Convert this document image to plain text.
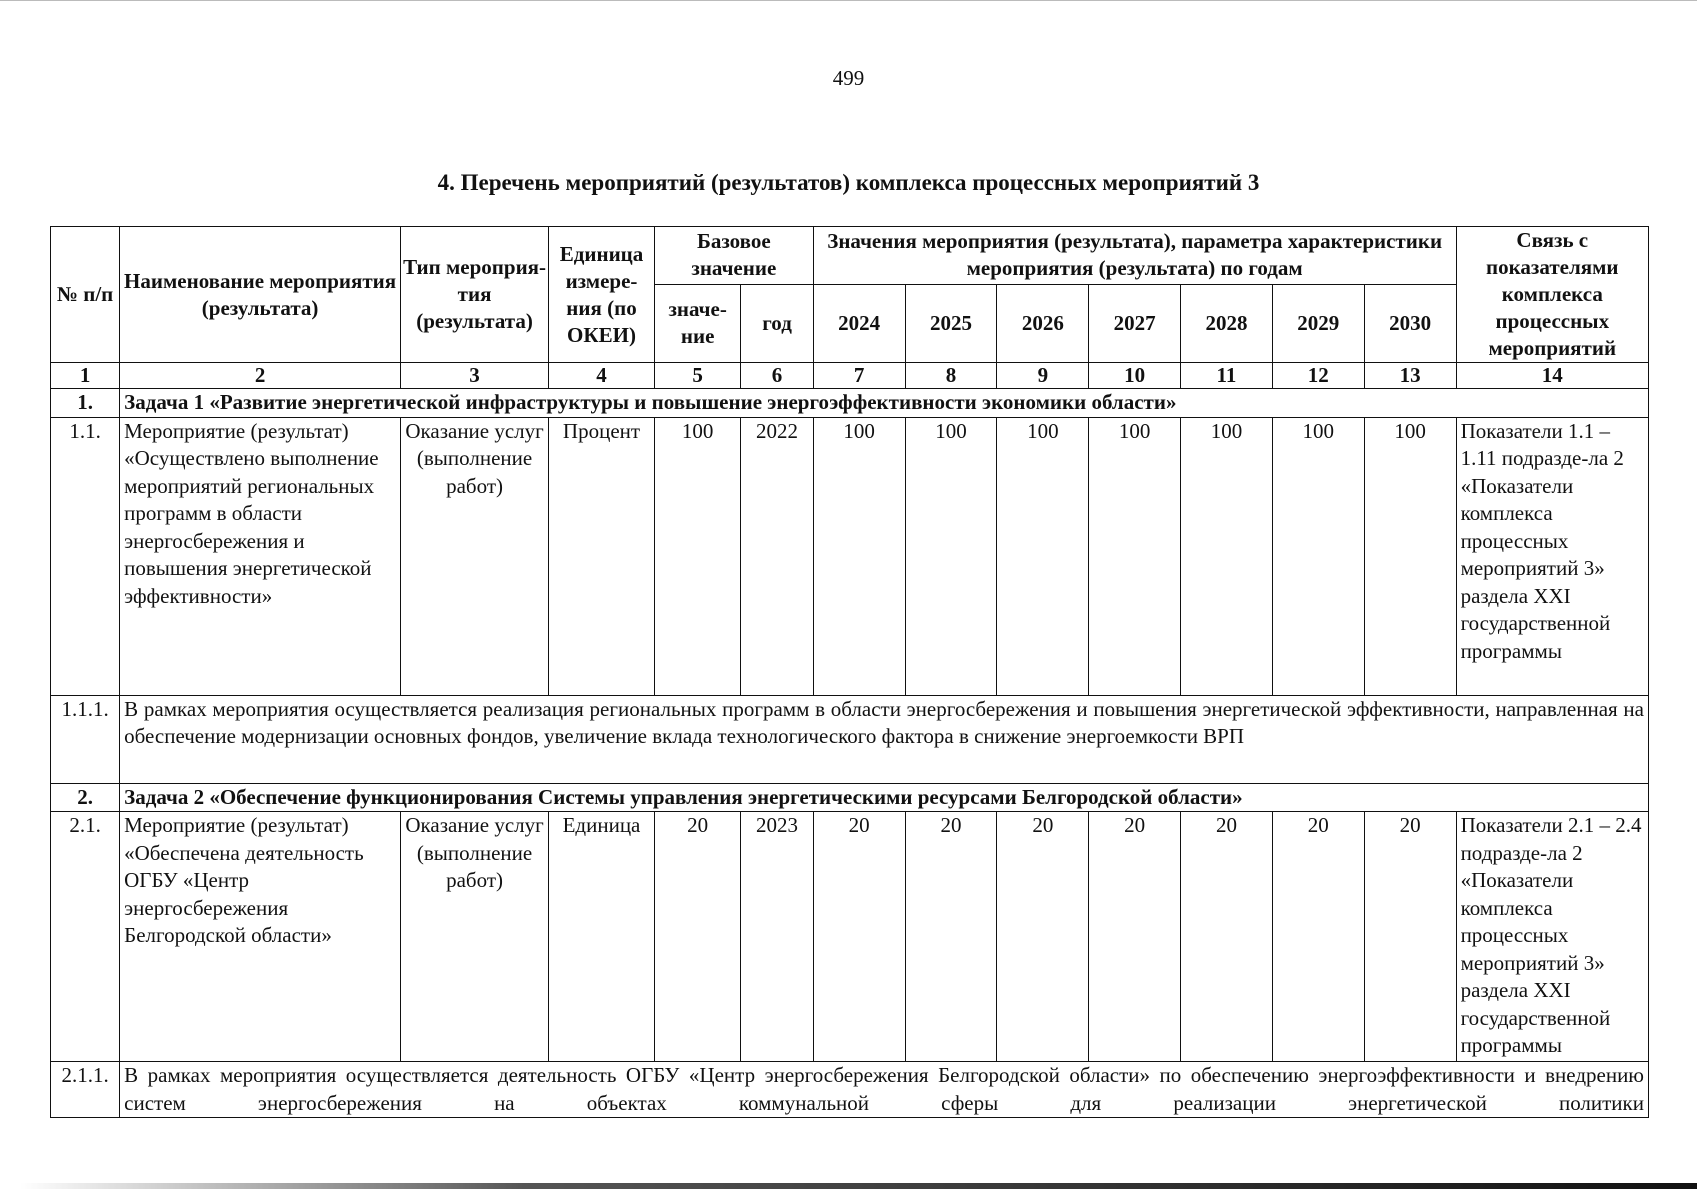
499
4. Перечень мероприятий (результатов) комплекса процессных мероприятий 3
№ п/п	Наименование мероприятия (результата)	Тип мероприя-тия (результата)	Единица измере-ния (по ОКЕИ)	Базовое значение		Значения мероприятия (результата), параметра характеристики мероприятия (результата) по годам							Связь с показателями комплекса процессных мероприятий
				значе-ние	год	2024	2025	2026	2027	2028	2029	2030	
1	2	3	4	5	6	7	8	9	10	11	12	13	14
1.	Задача 1 «Развитие энергетической инфраструктуры и повышение энергоэффективности экономики области»												
1.1.	Мероприятие (результат) «Осуществлено выполнение мероприятий региональных программ в области энергосбережения и повышения энергетической эффективности»	Оказание услуг (выполнение работ)	Процент	100	2022	100	100	100	100	100	100	100	Показатели 1.1 – 1.11 подразде-ла 2 «Показатели комплекса процессных мероприятий 3» раздела XXI государственной программы
1.1.1.	В рамках мероприятия осуществляется реализация региональных программ в области энергосбережения и повышения энергетической эффективности, направленная на обеспечение модернизации основных фондов, увеличение вклада технологического фактора в снижение энергоемкости ВРП												
2.	Задача 2 «Обеспечение функционирования Системы управления энергетическими ресурсами Белгородской области»												
2.1.	Мероприятие (результат) «Обеспечена деятельность ОГБУ «Центр энергосбережения Белгородской области»	Оказание услуг (выполнение работ)	Единица	20	2023	20	20	20	20	20	20	20	Показатели 2.1 – 2.4 подразде-ла 2 «Показатели комплекса процессных мероприятий 3» раздела XXI государственной программы
2.1.1.	В рамках мероприятия осуществляется деятельность ОГБУ «Центр энергосбережения Белгородской области» по обеспечению энергоэффективности и внедрению систем энергосбережения на объектах коммунальной сферы для реализации энергетической политики												
